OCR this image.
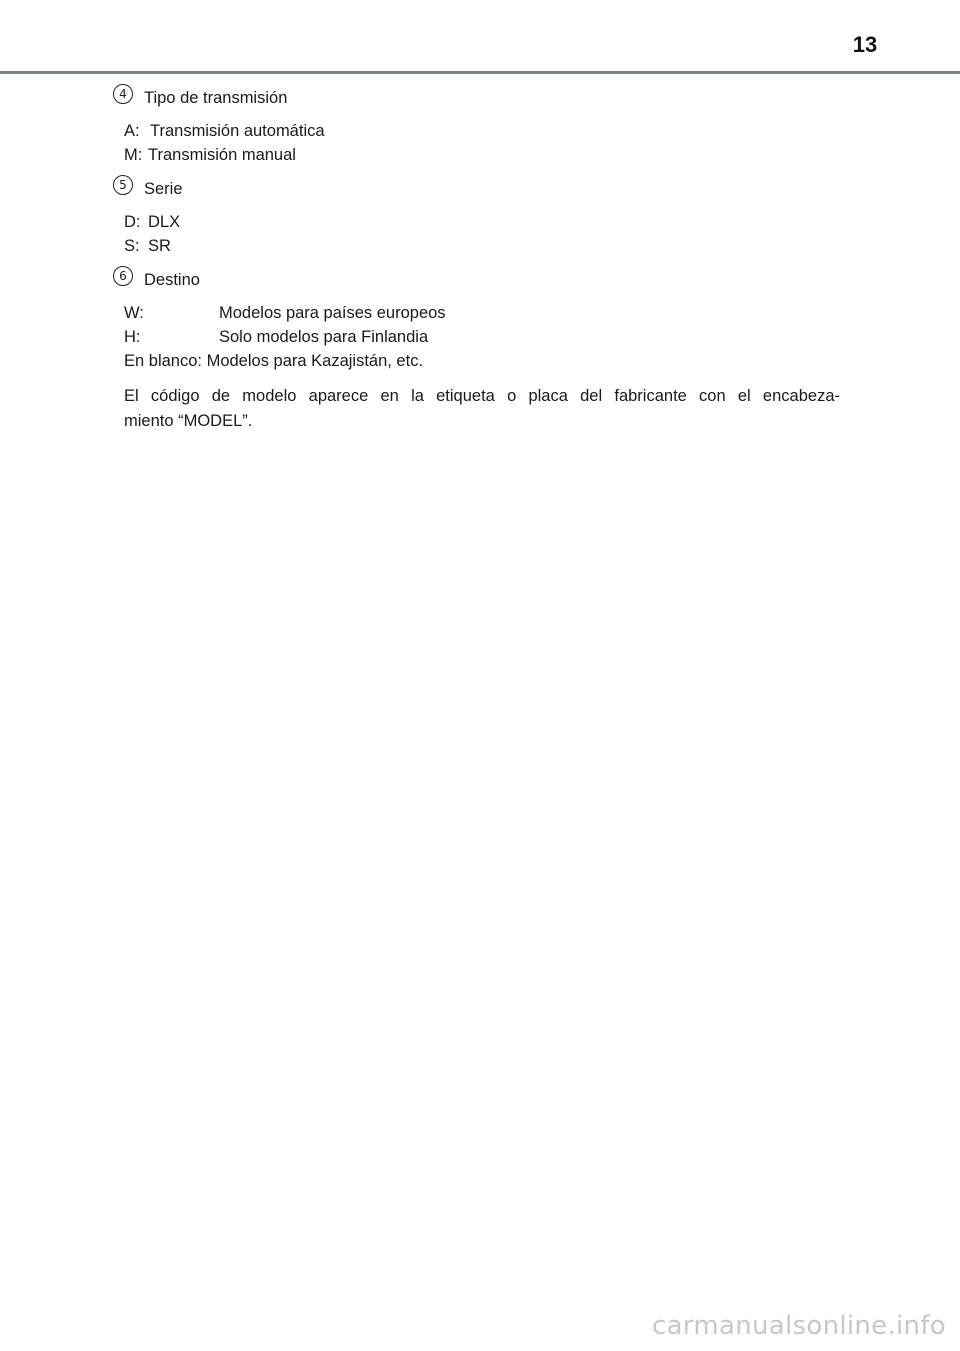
13
4	Tipo de transmisión
A: Transmisión automática
M: Transmisión manual
5	Serie
D: DLX
S: SR
6	Destino
W:	Modelos para países europeos
H:	Solo modelos para Finlandia
En blanco: Modelos para Kazajistán, etc.
El código de modelo aparece en la etiqueta o placa del fabricante con el encabeza-
miento “MODEL”.
carmanualsonline.info
